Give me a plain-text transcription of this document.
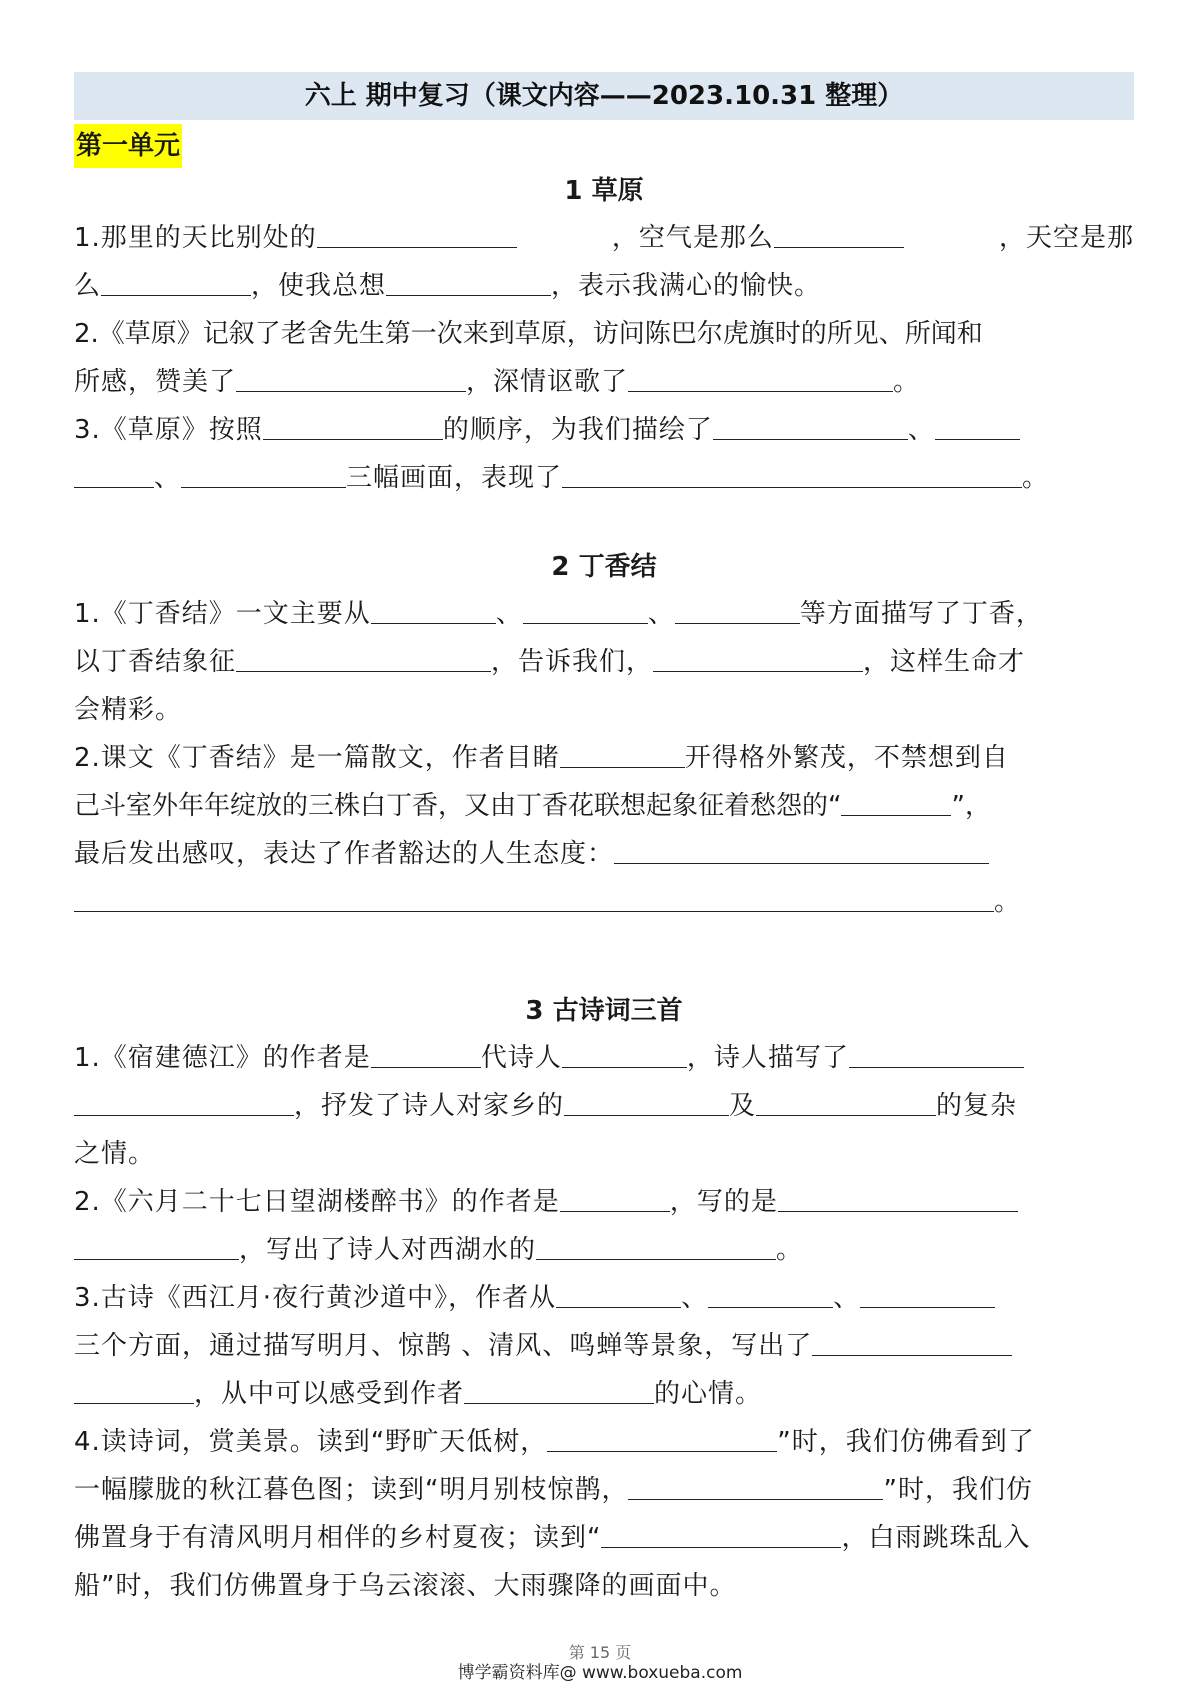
六上 期中复习（课文内容——2023.10.31 整理）
第一单元
1 草原
1.那里的天比别处的	，空气是那么	，天空是那
么	，使我总想	，表示我满心的愉快。
2.《草原》记叙了老舍先生第一次来到草原，访问陈巴尔虎旗时的所见、所闻和
所感，赞美了	，深情讴歌了	。
3.《草原》按照	的顺序，为我们描绘了	、
、	三幅画面，表现了	。
2 丁香结
1.《丁香结》一文主要从	、	、	等方面描写了丁香，
以丁香结象征	，告诉我们，	，这样生命才
会精彩。
2.课文《丁香结》是一篇散文，作者目睹	开得格外繁茂，不禁想到自
己斗室外年年绽放的三株白丁香，又由丁香花联想起象征着愁怨的“	”，
最后发出感叹，表达了作者豁达的人生态度：
。
3 古诗词三首
1.《宿建德江》的作者是	代诗人	，诗人描写了
，抒发了诗人对家乡的	及	的复杂
之情。
2.《六月二十七日望湖楼醉书》的作者是	，写的是
，写出了诗人对西湖水的	。
3.古诗《西江月·夜行黄沙道中》，作者从	、	、
三个方面，通过描写明月、惊鹊 、清风、鸣蝉等景象，写出了
，从中可以感受到作者	的心情。
4.读诗词，赏美景。读到“野旷天低树，	”时，我们仿佛看到了
一幅朦胧的秋江暮色图；读到“明月别枝惊鹊，	”时，我们仿
佛置身于有清风明月相伴的乡村夏夜；读到“	，白雨跳珠乱入
船”时，我们仿佛置身于乌云滚滚、大雨骤降的画面中。
第 15 页
博学霸资料库@ www.boxueba.com
